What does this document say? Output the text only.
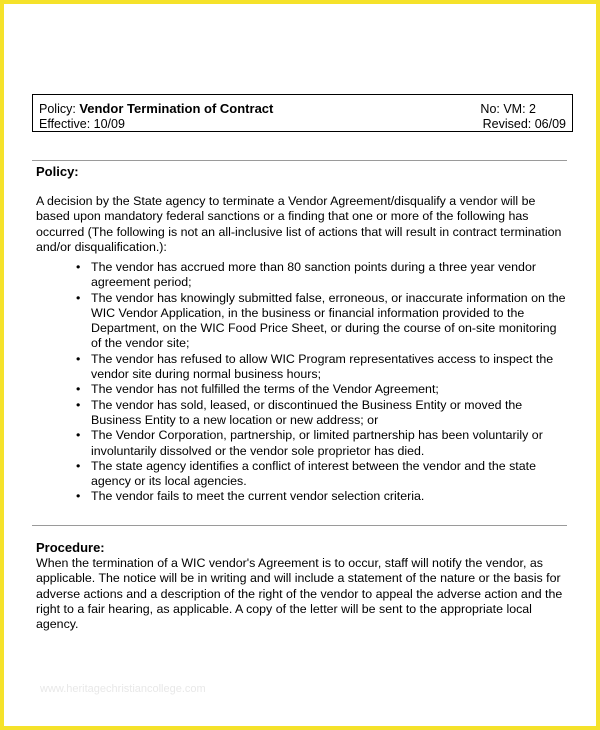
Policy: Vendor Termination of Contract	No: VM: 2
Effective: 10/09	Revised: 06/09
Policy:

A decision by the State agency to terminate a Vendor Agreement/disqualify a vendor will be based upon mandatory federal sanctions or a finding that one or more of the following has occurred (The following is not an all-inclusive list of actions that will result in contract termination and/or disqualification.):

• The vendor has accrued more than 80 sanction points during a three year vendor agreement period;
• The vendor has knowingly submitted false, erroneous, or inaccurate information on the WIC Vendor Application, in the business or financial information provided to the Department, on the WIC Food Price Sheet, or during the course of on-site monitoring of the vendor site;
• The vendor has refused to allow WIC Program representatives access to inspect the vendor site during normal business hours;
• The vendor has not fulfilled the terms of the Vendor Agreement;
• The vendor has sold, leased, or discontinued the Business Entity or moved the Business Entity to a new location or new address; or
• The Vendor Corporation, partnership, or limited partnership has been voluntarily or involuntarily dissolved or the vendor sole proprietor has died.
• The state agency identifies a conflict of interest between the vendor and the state agency or its local agencies.
• The vendor fails to meet the current vendor selection criteria.
Procedure:

When the termination of a WIC vendor's Agreement is to occur, staff will notify the vendor, as applicable. The notice will be in writing and will include a statement of the nature or the basis for adverse actions and a description of the right of the vendor to appeal the adverse action and the right to a fair hearing, as applicable. A copy of the letter will be sent to the appropriate local agency.

www.heritagechristiancollege.com
